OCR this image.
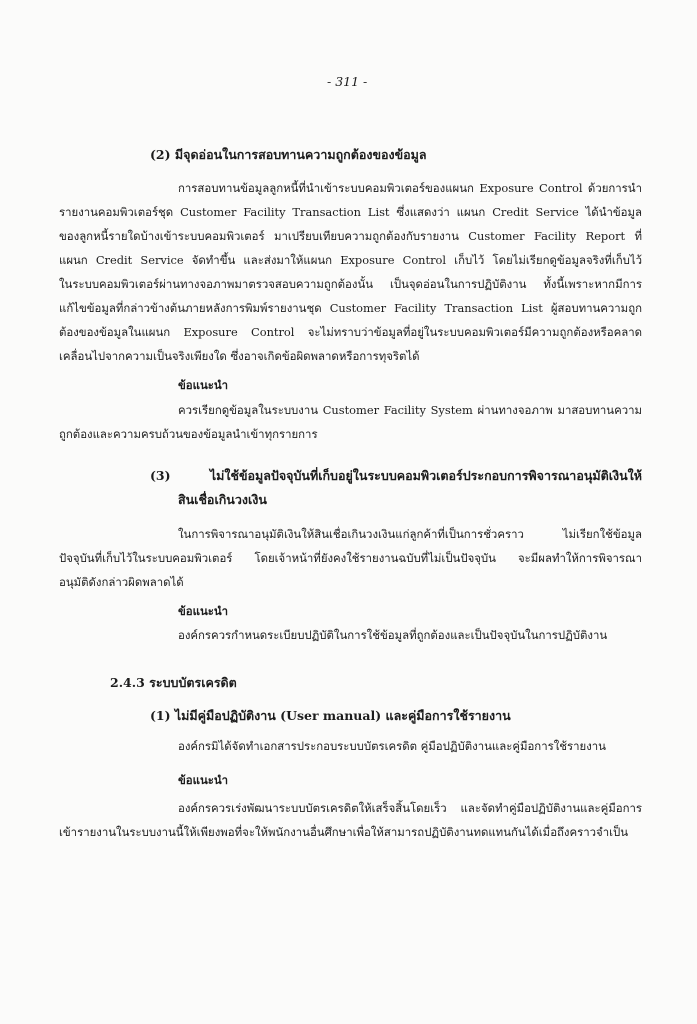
- 311 -
(2) มีจุดอ่อนในการสอบทานความถูกต้องของข้อมูล
การสอบทานข้อมูลลูกหนี้ที่นำเข้าระบบคอมพิวเตอร์ของแผนก Exposure Control ด้วยการนำ
รายงานคอมพิวเตอร์ชุด Customer Facility Transaction List ซึ่งแสดงว่า แผนก Credit Service ได้นำข้อมูล
ของลูกหนี้รายใดบ้างเข้าระบบคอมพิวเตอร์ มาเปรียบเทียบความถูกต้องกับรายงาน Customer Facility Report ที่
แผนก Credit Service จัดทำขึ้น และส่งมาให้แผนก Exposure Control เก็บไว้ โดยไม่เรียกดูข้อมูลจริงที่เก็บไว้
ในระบบคอมพิวเตอร์ผ่านทางจอภาพมาตรวจสอบความถูกต้องนั้น เป็นจุดอ่อนในการปฏิบัติงาน ทั้งนี้เพราะหากมีการ
แก้ไขข้อมูลที่กล่าวข้างต้นภายหลังการพิมพ์รายงานชุด Customer Facility Transaction List ผู้สอบทานความถูก
ต้องของข้อมูลในแผนก Exposure Control จะไม่ทราบว่าข้อมูลที่อยู่ในระบบคอมพิวเตอร์มีความถูกต้องหรือคลาด
เคลื่อนไปจากความเป็นจริงเพียงใด ซึ่งอาจเกิดข้อผิดพลาดหรือการทุจริตได้
ข้อแนะนำ
ควรเรียกดูข้อมูลในระบบงาน Customer Facility System ผ่านทางจอภาพ มาสอบทานความ
ถูกต้องและความครบถ้วนของข้อมูลนำเข้าทุกรายการ
(3) ไม่ใช้ข้อมูลปัจจุบันที่เก็บอยู่ในระบบคอมพิวเตอร์ประกอบการพิจารณาอนุมัติเงินให้
สินเชื่อเกินวงเงิน
ในการพิจารณาอนุมัติเงินให้สินเชื่อเกินวงเงินแก่ลูกค้าที่เป็นการชั่วคราว ไม่เรียกใช้ข้อมูล
ปัจจุบันที่เก็บไว้ในระบบคอมพิวเตอร์ โดยเจ้าหน้าที่ยังคงใช้รายงานฉบับที่ไม่เป็นปัจจุบัน จะมีผลทำให้การพิจารณา
อนุมัติดังกล่าวผิดพลาดได้
ข้อแนะนำ
องค์กรควรกำหนดระเบียบปฏิบัติในการใช้ข้อมูลที่ถูกต้องและเป็นปัจจุบันในการปฏิบัติงาน
2.4.3 ระบบบัตรเครดิต
(1) ไม่มีคู่มือปฏิบัติงาน (User manual) และคู่มือการใช้รายงาน
องค์กรมิได้จัดทำเอกสารประกอบระบบบัตรเครดิต คู่มือปฏิบัติงานและคู่มือการใช้รายงาน
ข้อแนะนำ
องค์กรควรเร่งพัฒนาระบบบัตรเครดิตให้เสร็จสิ้นโดยเร็ว และจัดทำคู่มือปฏิบัติงานและคู่มือการ
เข้ารายงานในระบบงานนี้ให้เพียงพอที่จะให้พนักงานอื่นศึกษาเพื่อให้สามารถปฏิบัติงานทดแทนกันได้เมื่อถึงคราวจำเป็น
